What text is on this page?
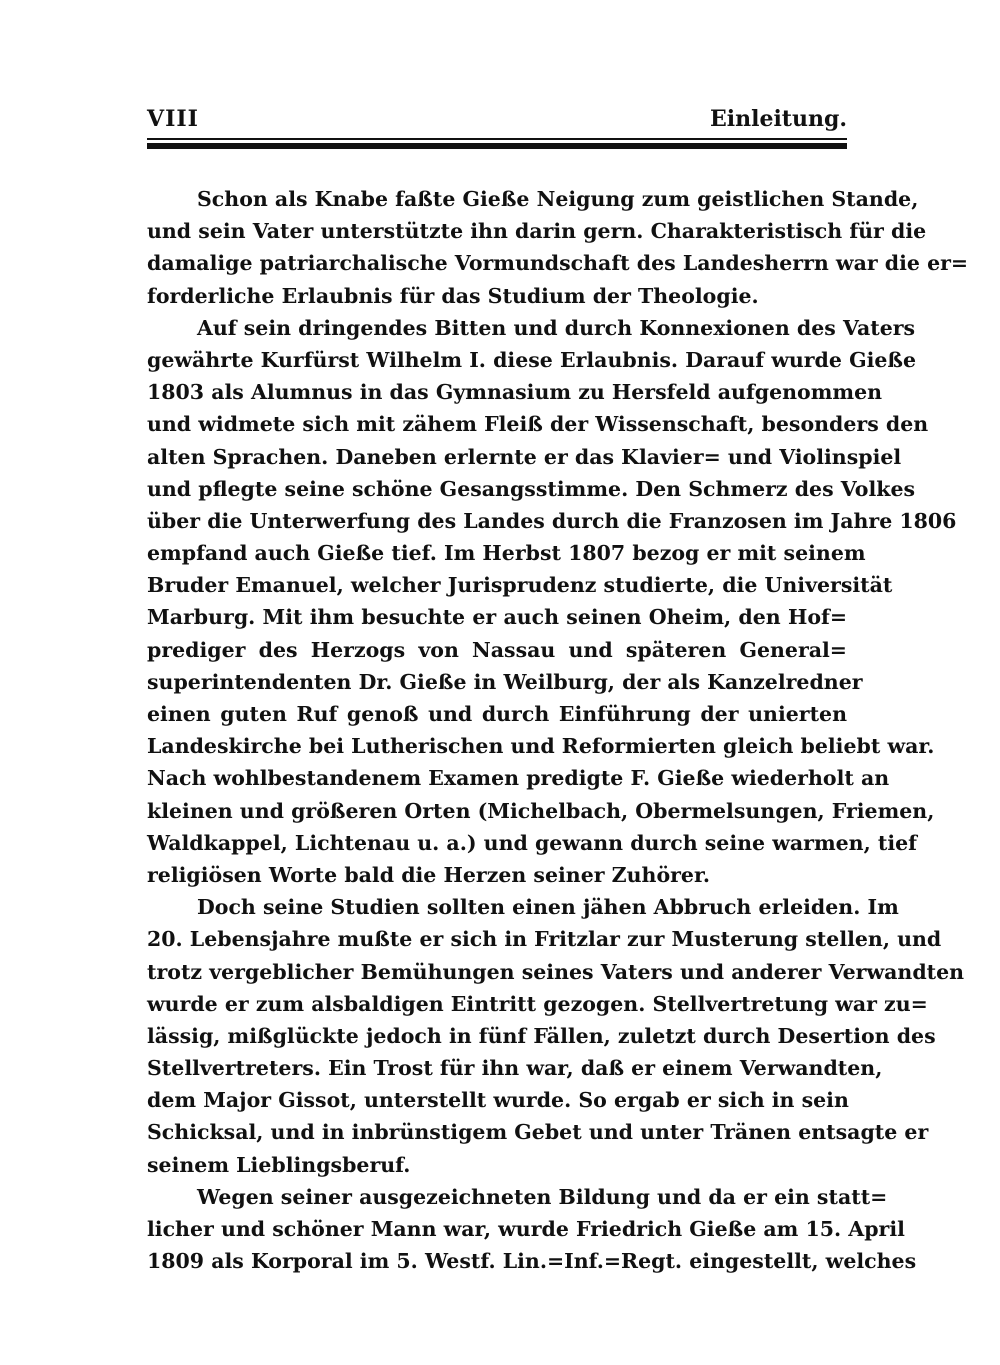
VIII	Einleitung.
Schon als Knabe faßte Gieße Neigung zum geistlichen Stande,
und sein Vater unterstützte ihn darin gern. Charakteristisch für die
damalige patriarchalische Vormundschaft des Landesherrn war die er=
forderliche Erlaubnis für das Studium der Theologie.
Auf sein dringendes Bitten und durch Konnexionen des Vaters
gewährte Kurfürst Wilhelm I. diese Erlaubnis. Darauf wurde Gieße
1803 als Alumnus in das Gymnasium zu Hersfeld aufgenommen
und widmete sich mit zähem Fleiß der Wissenschaft, besonders den
alten Sprachen. Daneben erlernte er das Klavier= und Violinspiel
und pflegte seine schöne Gesangsstimme. Den Schmerz des Volkes
über die Unterwerfung des Landes durch die Franzosen im Jahre 1806
empfand auch Gieße tief. Im Herbst 1807 bezog er mit seinem
Bruder Emanuel, welcher Jurisprudenz studierte, die Universität
Marburg. Mit ihm besuchte er auch seinen Oheim, den Hof=
prediger des Herzogs von Nassau und späteren General=
superintendenten Dr. Gieße in Weilburg, der als Kanzelredner
einen guten Ruf genoß und durch Einführung der unierten
Landeskirche bei Lutherischen und Reformierten gleich beliebt war.
Nach wohlbestandenem Examen predigte F. Gieße wiederholt an
kleinen und größeren Orten (Michelbach, Obermelsungen, Friemen,
Waldkappel, Lichtenau u. a.) und gewann durch seine warmen, tief
religiösen Worte bald die Herzen seiner Zuhörer.
Doch seine Studien sollten einen jähen Abbruch erleiden. Im
20. Lebensjahre mußte er sich in Fritzlar zur Musterung stellen, und
trotz vergeblicher Bemühungen seines Vaters und anderer Verwandten
wurde er zum alsbaldigen Eintritt gezogen. Stellvertretung war zu=
lässig, mißglückte jedoch in fünf Fällen, zuletzt durch Desertion des
Stellvertreters. Ein Trost für ihn war, daß er einem Verwandten,
dem Major Gissot, unterstellt wurde. So ergab er sich in sein
Schicksal, und in inbrünstigem Gebet und unter Tränen entsagte er
seinem Lieblingsberuf.
Wegen seiner ausgezeichneten Bildung und da er ein statt=
licher und schöner Mann war, wurde Friedrich Gieße am 15. April
1809 als Korporal im 5. Westf. Lin.=Inf.=Regt. eingestellt, welches
